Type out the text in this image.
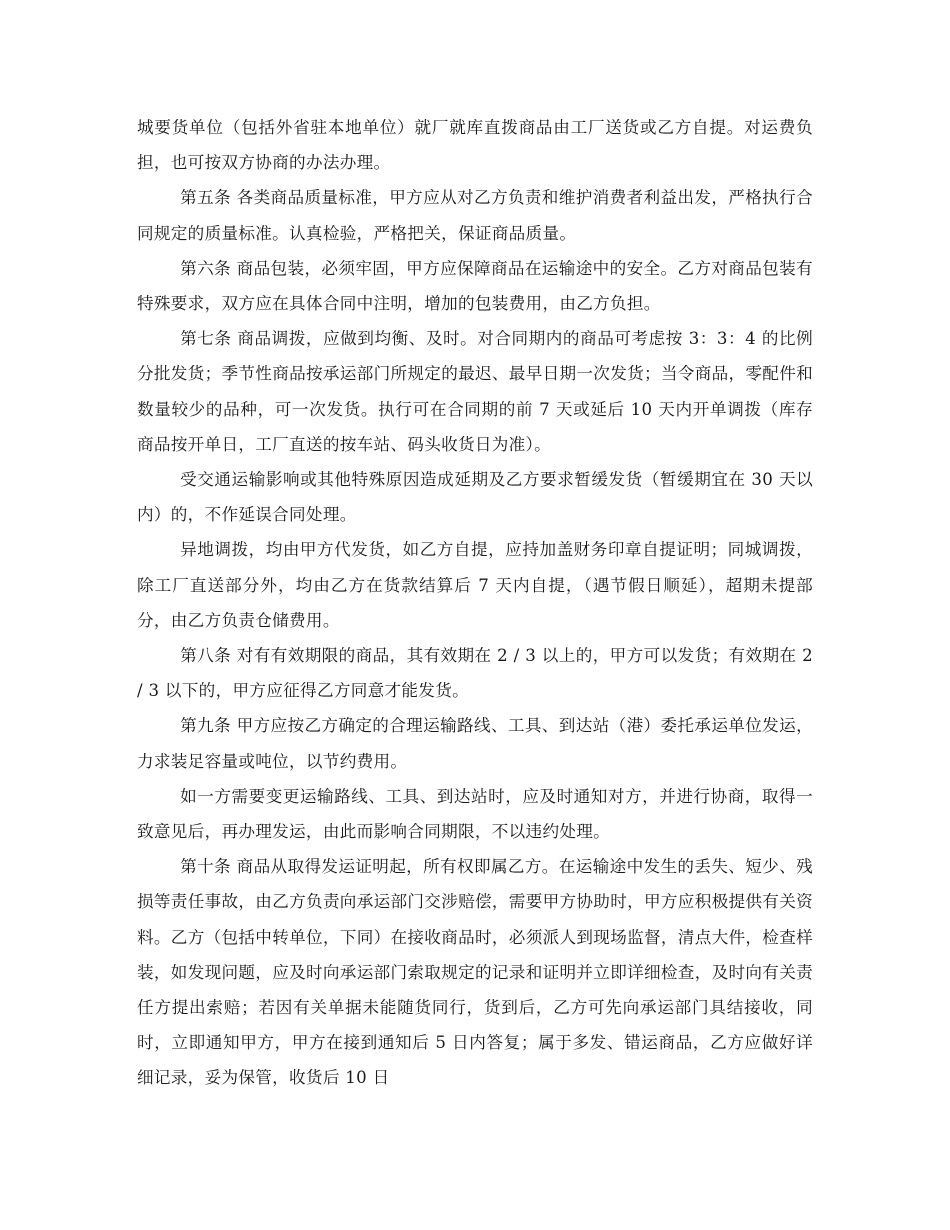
城要货单位（包括外省驻本地单位）就厂就库直拨商品由工厂送货或乙方自提。对运费负担，也可按双方协商的办法办理。

第五条 各类商品质量标准，甲方应从对乙方负责和维护消费者利益出发，严格执行合同规定的质量标准。认真检验，严格把关，保证商品质量。

第六条 商品包装，必须牢固，甲方应保障商品在运输途中的安全。乙方对商品包装有特殊要求，双方应在具体合同中注明，增加的包装费用，由乙方负担。

第七条 商品调拨，应做到均衡、及时。对合同期内的商品可考虑按 3：3：4 的比例分批发货；季节性商品按承运部门所规定的最迟、最早日期一次发货；当令商品，零配件和数量较少的品种，可一次发货。执行可在合同期的前 7 天或延后 10 天内开单调拨（库存商品按开单日，工厂直送的按车站、码头收货日为准）。

受交通运输影响或其他特殊原因造成延期及乙方要求暂缓发货（暂缓期宜在 30 天以内）的，不作延误合同处理。

异地调拨，均由甲方代发货，如乙方自提，应持加盖财务印章自提证明；同城调拨，除工厂直送部分外，均由乙方在货款结算后 7 天内自提，（遇节假日顺延），超期未提部分，由乙方负责仓储费用。

第八条 对有有效期限的商品，其有效期在 2 / 3 以上的，甲方可以发货；有效期在 2 / 3 以下的，甲方应征得乙方同意才能发货。

第九条 甲方应按乙方确定的合理运输路线、工具、到达站（港）委托承运单位发运，力求装足容量或吨位，以节约费用。

如一方需要变更运输路线、工具、到达站时，应及时通知对方，并进行协商，取得一致意见后，再办理发运，由此而影响合同期限，不以违约处理。

第十条 商品从取得发运证明起，所有权即属乙方。在运输途中发生的丢失、短少、残损等责任事故，由乙方负责向承运部门交涉赔偿，需要甲方协助时，甲方应积极提供有关资料。乙方（包括中转单位，下同）在接收商品时，必须派人到现场监督，清点大件，检查样装，如发现问题，应及时向承运部门索取规定的记录和证明并立即详细检查，及时向有关责任方提出索赔；若因有关单据未能随货同行，货到后，乙方可先向承运部门具结接收，同时，立即通知甲方，甲方在接到通知后 5 日内答复；属于多发、错运商品，乙方应做好详细记录，妥为保管，收货后 10 日
